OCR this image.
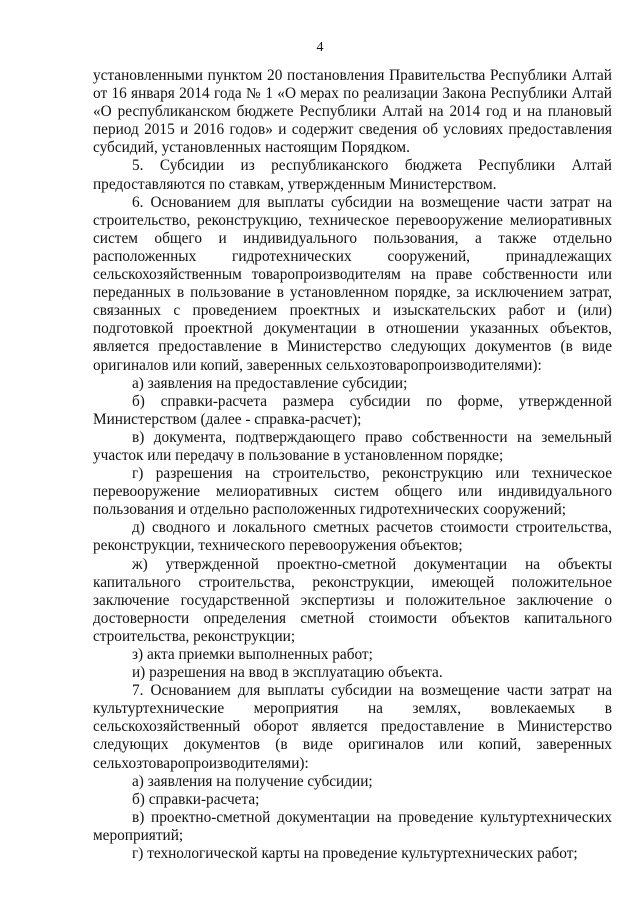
4

установленными пунктом 20 постановления Правительства Республики Алтай от 16 января 2014 года № 1 «О мерах по реализации Закона Республики Алтай «О республиканском бюджете Республики Алтай на 2014 год и на плановый период 2015 и 2016 годов» и содержит сведения об условиях предоставления субсидий, установленных настоящим Порядком.

5. Субсидии из республиканского бюджета Республики Алтай предоставляются по ставкам, утвержденным Министерством.

6. Основанием для выплаты субсидии на возмещение части затрат на строительство, реконструкцию, техническое перевооружение мелиоративных систем общего и индивидуального пользования, а также отдельно расположенных гидротехнических сооружений, принадлежащих сельскохозяйственным товаропроизводителям на праве собственности или переданных в пользование в установленном порядке, за исключением затрат, связанных с проведением проектных и изыскательских работ и (или) подготовкой проектной документации в отношении указанных объектов, является предоставление в Министерство следующих документов (в виде оригиналов или копий, заверенных сельхозтоваропроизводителями):

а) заявления на предоставление субсидии;

б) справки-расчета размера субсидии по форме, утвержденной Министерством (далее - справка-расчет);

в) документа, подтверждающего право собственности на земельный участок или передачу в пользование в установленном порядке;

г) разрешения на строительство, реконструкцию или техническое перевооружение мелиоративных систем общего или индивидуального пользования и отдельно расположенных гидротехнических сооружений;

д) сводного и локального сметных расчетов стоимости строительства, реконструкции, технического перевооружения объектов;

ж) утвержденной проектно-сметной документации на объекты капитального строительства, реконструкции, имеющей положительное заключение государственной экспертизы и положительное заключение о достоверности определения сметной стоимости объектов капитального строительства, реконструкции;

з) акта приемки выполненных работ;

и) разрешения на ввод в эксплуатацию объекта.

7. Основанием для выплаты субсидии на возмещение части затрат на культуртехнические мероприятия на землях, вовлекаемых в сельскохозяйственный оборот является предоставление в Министерство следующих документов (в виде оригиналов или копий, заверенных сельхозтоваропроизводителями):

а) заявления на получение субсидии;

б) справки-расчета;

в) проектно-сметной документации на проведение культуртехнических мероприятий;

г) технологической карты на проведение культуртехнических работ;
